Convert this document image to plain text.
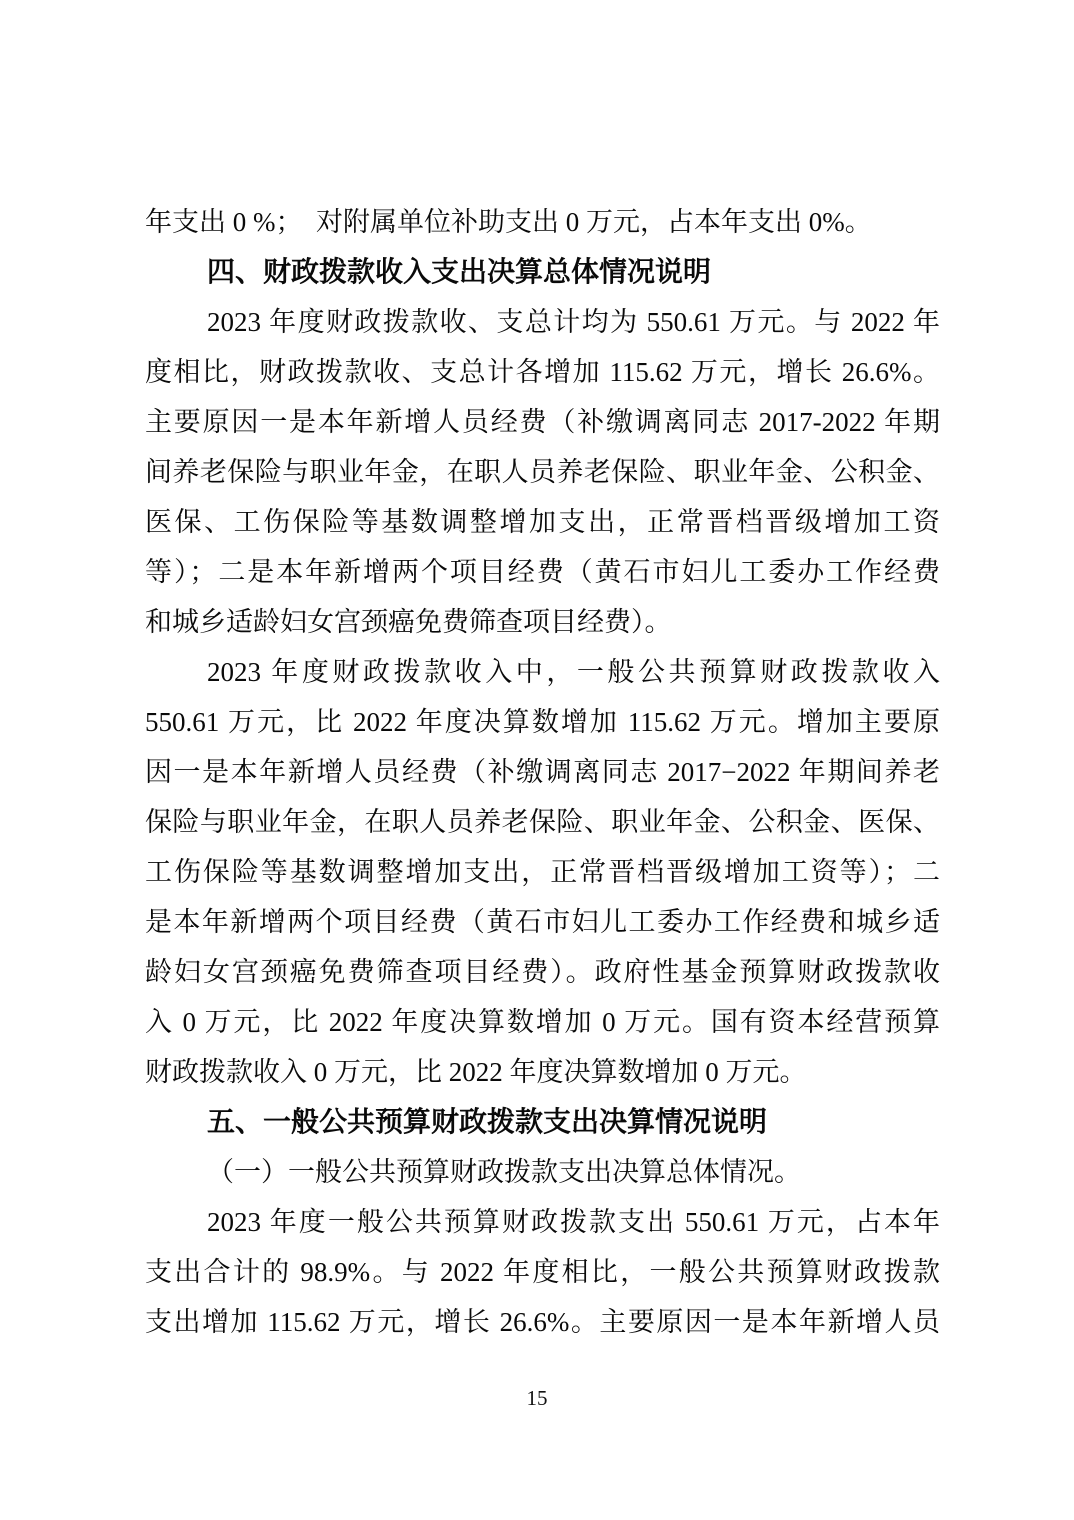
年支出 0 %；　对附属单位补助支出 0 万元，占本年支出 0%。
四、财政拨款收入支出决算总体情况说明
2023 年度财政拨款收、支总计均为 550.61 万元。与 2022 年
度相比，财政拨款收、支总计各增加 115.62 万元，增长 26.6%。
主要原因一是本年新增人员经费（补缴调离同志 2017-2022 年期
间养老保险与职业年金，在职人员养老保险、职业年金、公积金、
医保、工伤保险等基数调整增加支出，正常晋档晋级增加工资
等）；二是本年新增两个项目经费（黄石市妇儿工委办工作经费
和城乡适龄妇女宫颈癌免费筛查项目经费）。
2023 年度财政拨款收入中，一般公共预算财政拨款收入
550.61 万元，比 2022 年度决算数增加 115.62 万元。增加主要原
因一是本年新增人员经费（补缴调离同志 2017−2022 年期间养老
保险与职业年金，在职人员养老保险、职业年金、公积金、医保、
工伤保险等基数调整增加支出，正常晋档晋级增加工资等）；二
是本年新增两个项目经费（黄石市妇儿工委办工作经费和城乡适
龄妇女宫颈癌免费筛查项目经费）。政府性基金预算财政拨款收
入 0 万元，比 2022 年度决算数增加 0 万元。国有资本经营预算
财政拨款收入 0 万元，比 2022 年度决算数增加 0 万元。
五、一般公共预算财政拨款支出决算情况说明
（一）一般公共预算财政拨款支出决算总体情况。
2023 年度一般公共预算财政拨款支出 550.61 万元，占本年
支出合计的 98.9%。与 2022 年度相比，一般公共预算财政拨款
支出增加 115.62 万元，增长 26.6%。主要原因一是本年新增人员
15
